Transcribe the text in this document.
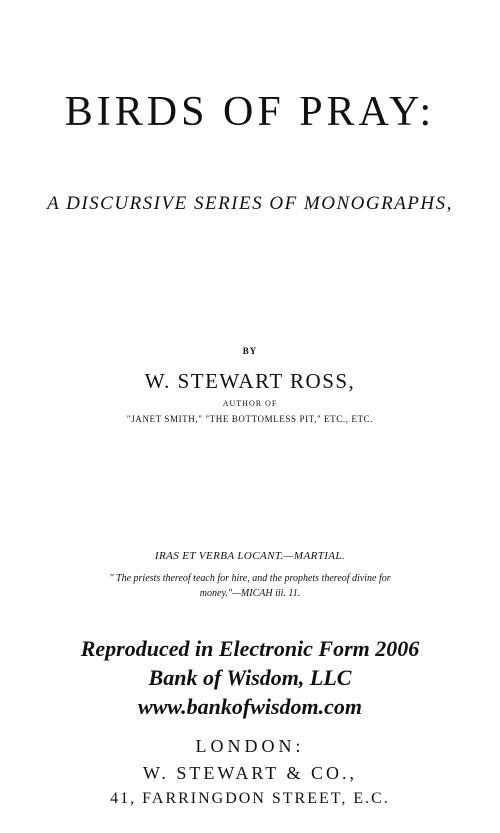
BIRDS OF PRAY:
A DISCURSIVE SERIES OF MONOGRAPHS,
BY
W. STEWART ROSS,
AUTHOR OF
"JANET SMITH," "THE BOTTOMLESS PIT," ETC., ETC.
IRAS ET VERBA LOCANT.—MARTIAL.
" The priests thereof teach for hire, and the prophets thereof divine for
money."—MICAH iii. 11.
Reproduced in Electronic Form 2006
Bank of Wisdom, LLC
www.bankofwisdom.com
LONDON:
W. STEWART & CO.,
41, FARRINGDON STREET, E.C.
